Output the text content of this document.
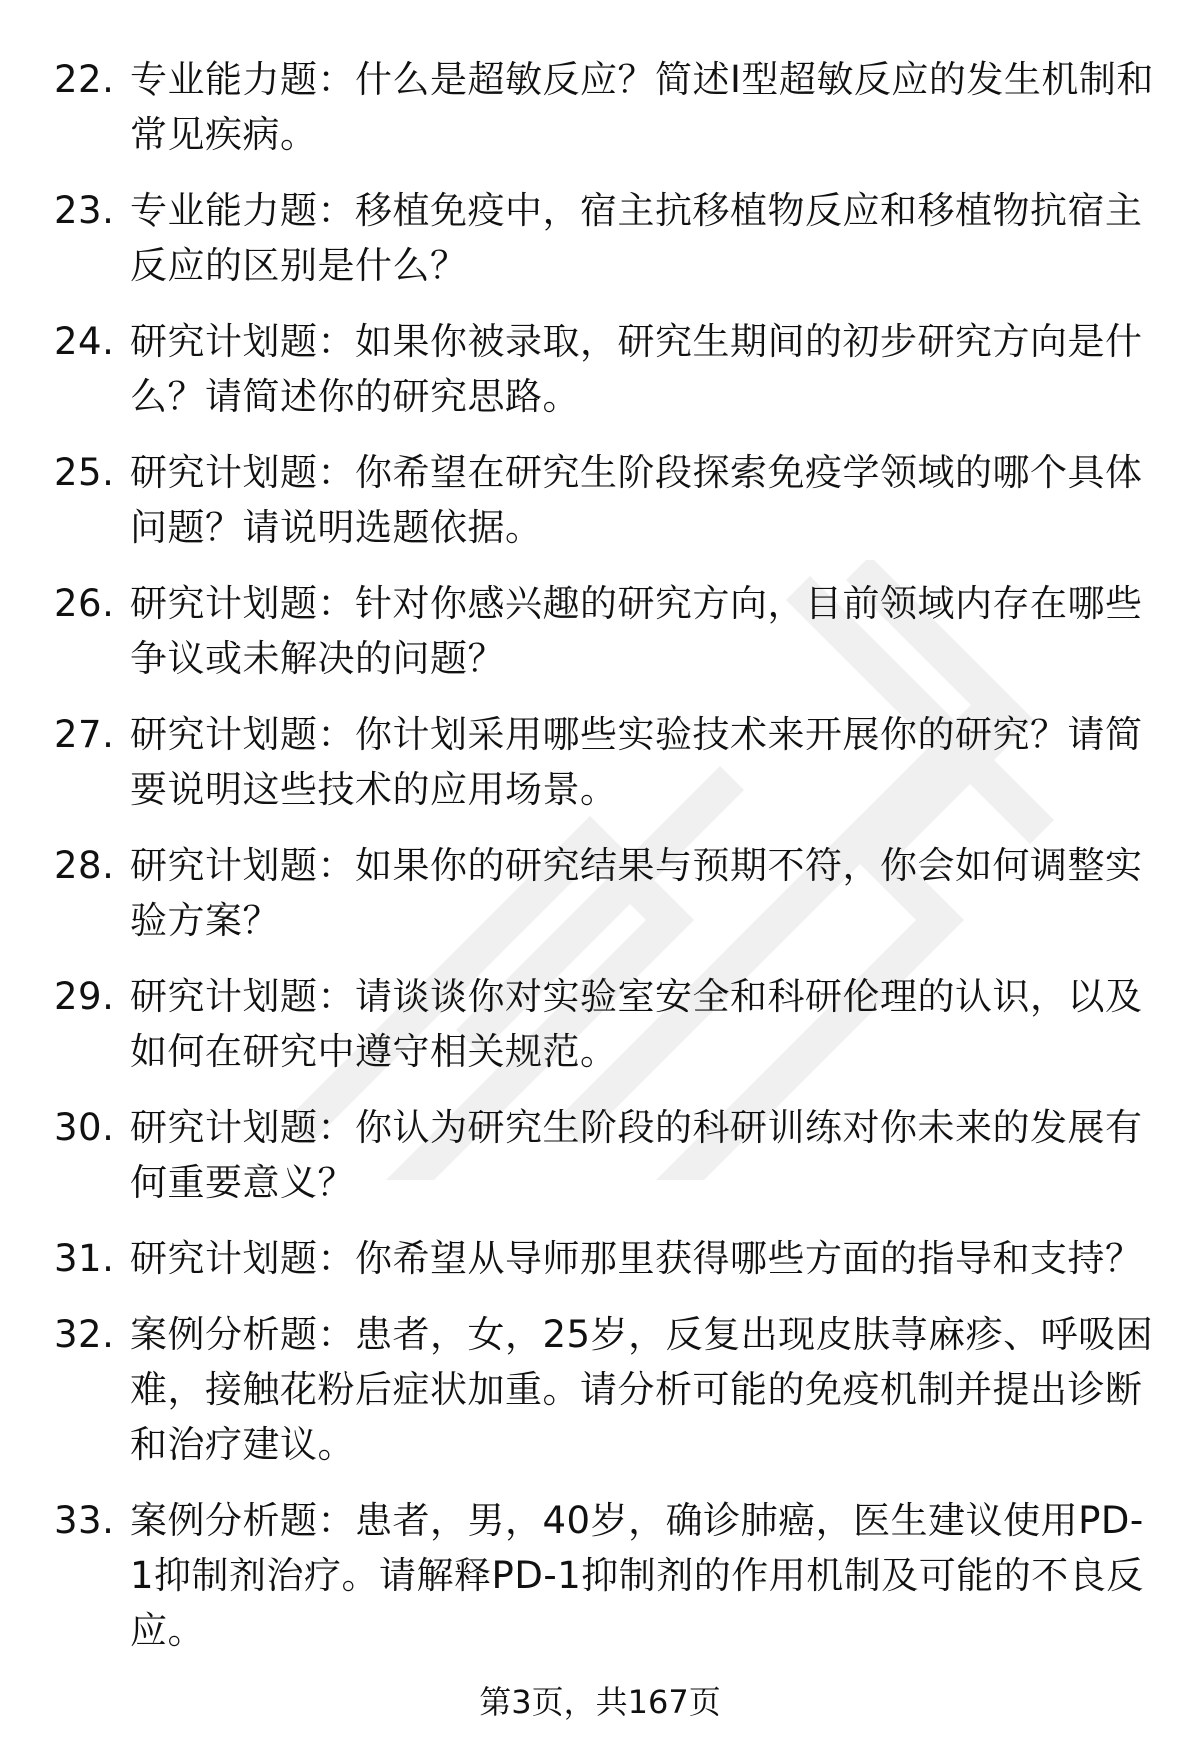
22. 专业能力题：什么是超敏反应？简述I型超敏反应的发生机制和常见疾病。
23. 专业能力题：移植免疫中，宿主抗移植物反应和移植物抗宿主反应的区别是什么？
24. 研究计划题：如果你被录取，研究生期间的初步研究方向是什么？请简述你的研究思路。
25. 研究计划题：你希望在研究生阶段探索免疫学领域的哪个具体问题？请说明选题依据。
26. 研究计划题：针对你感兴趣的研究方向，目前领域内存在哪些争议或未解决的问题？
27. 研究计划题：你计划采用哪些实验技术来开展你的研究？请简要说明这些技术的应用场景。
28. 研究计划题：如果你的研究结果与预期不符，你会如何调整实验方案？
29. 研究计划题：请谈谈你对实验室安全和科研伦理的认识，以及如何在研究中遵守相关规范。
30. 研究计划题：你认为研究生阶段的科研训练对你未来的发展有何重要意义？
31. 研究计划题：你希望从导师那里获得哪些方面的指导和支持？
32. 案例分析题：患者，女，25岁，反复出现皮肤荨麻疹、呼吸困难，接触花粉后症状加重。请分析可能的免疫机制并提出诊断和治疗建议。
33. 案例分析题：患者，男，40岁，确诊肺癌，医生建议使用PD-1抑制剂治疗。请解释PD-1抑制剂的作用机制及可能的不良反应。
第3页，共167页
